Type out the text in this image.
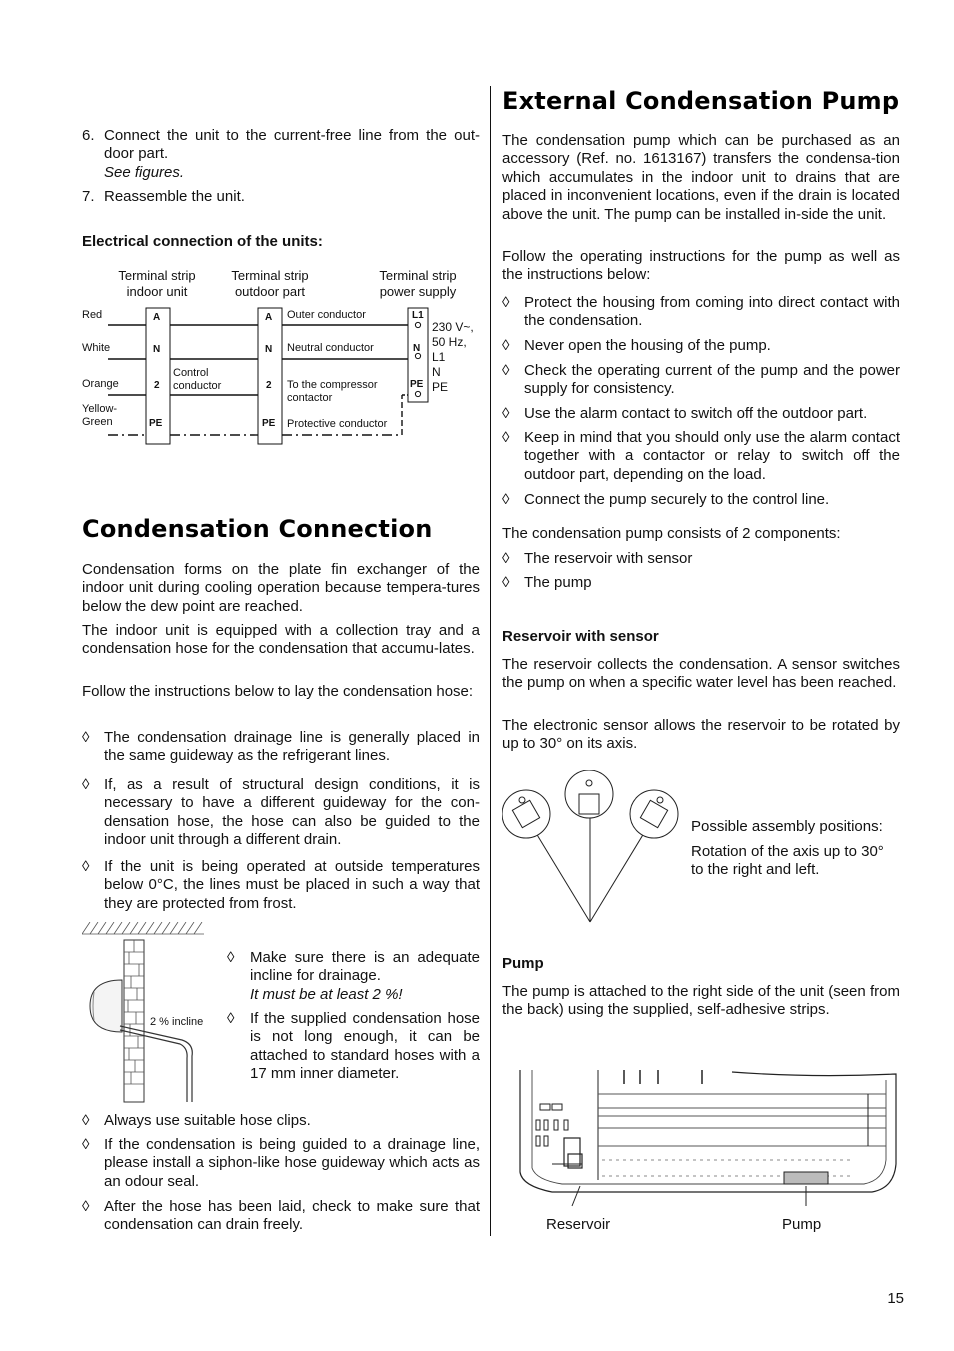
6. Connect the unit to the current-free line from the out-door part.
See figures.
7. Reassemble the unit.
Electrical connection of the units:
Terminal strip indoor unit
Terminal strip outdoor part
Terminal strip power supply
Red
White
Orange
Yellow-Green
A
N
2
PE
Control conductor
A
N
2
PE
Outer conductor
Neutral conductor
To the compressor contactor
Protective conductor
L1
N
PE
230 V~,
50 Hz,
L1
N
PE
Condensation Connection

Condensation forms on the plate fin exchanger of the indoor unit during cooling operation because tempera-tures below the dew point are reached.

The indoor unit is equipped with a collection tray and a condensation hose for the condensation that accumu-lates.

Follow the instructions below to lay the condensation hose:

◊ The condensation drainage line is generally placed in the same guideway as the refrigerant lines.
◊ If, as a result of structural design conditions, it is necessary to have a different guideway for the con-densation hose, the hose can also be guided to the indoor unit through a different drain.
◊ If the unit is being operated at outside temperatures below 0°C, the lines must be placed in such a way that they are protected from frost.
2 % incline
◊ Make sure there is an adequate incline for drainage.
It must be at least 2 %!
◊ If the supplied condensation hose is not long enough, it can be attached to standard hoses with a 17 mm inner diameter.
◊ Always use suitable hose clips.
◊ If the condensation is being guided to a drainage line, please install a siphon-like hose guideway which acts as an odour seal.
◊ After the hose has been laid, check to make sure that condensation can drain freely.
External Condensation Pump

The condensation pump which can be purchased as an accessory (Ref. no. 1613167) transfers the condensa-tion which accumulates in the indoor unit to drains that are placed in inconvenient locations, even if the drain is located above the unit. The pump can be installed in-side the unit.

Follow the operating instructions for the pump as well as the instructions below:

◊ Protect the housing from coming into direct contact with the condensation.
◊ Never open the housing of the pump.
◊ Check the operating current of the pump and the power supply for consistency.
◊ Use the alarm contact to switch off the outdoor part.
◊ Keep in mind that you should only use the alarm contact together with a contactor or relay to switch off the outdoor part, depending on the load.
◊ Connect the pump securely to the control line.

The condensation pump consists of 2 components:

◊ The reservoir with sensor
◊ The pump
Reservoir with sensor

The reservoir collects the condensation. A sensor switches the pump on when a specific water level has been reached.

The electronic sensor allows the reservoir to be rotated by up to 30° on its axis.

Possible assembly positions:

Rotation of the axis up to 30° to the right and left.

Pump

The pump is attached to the right side of the unit (seen from the back) using the supplied, self-adhesive strips.

Reservoir	Pump
15
